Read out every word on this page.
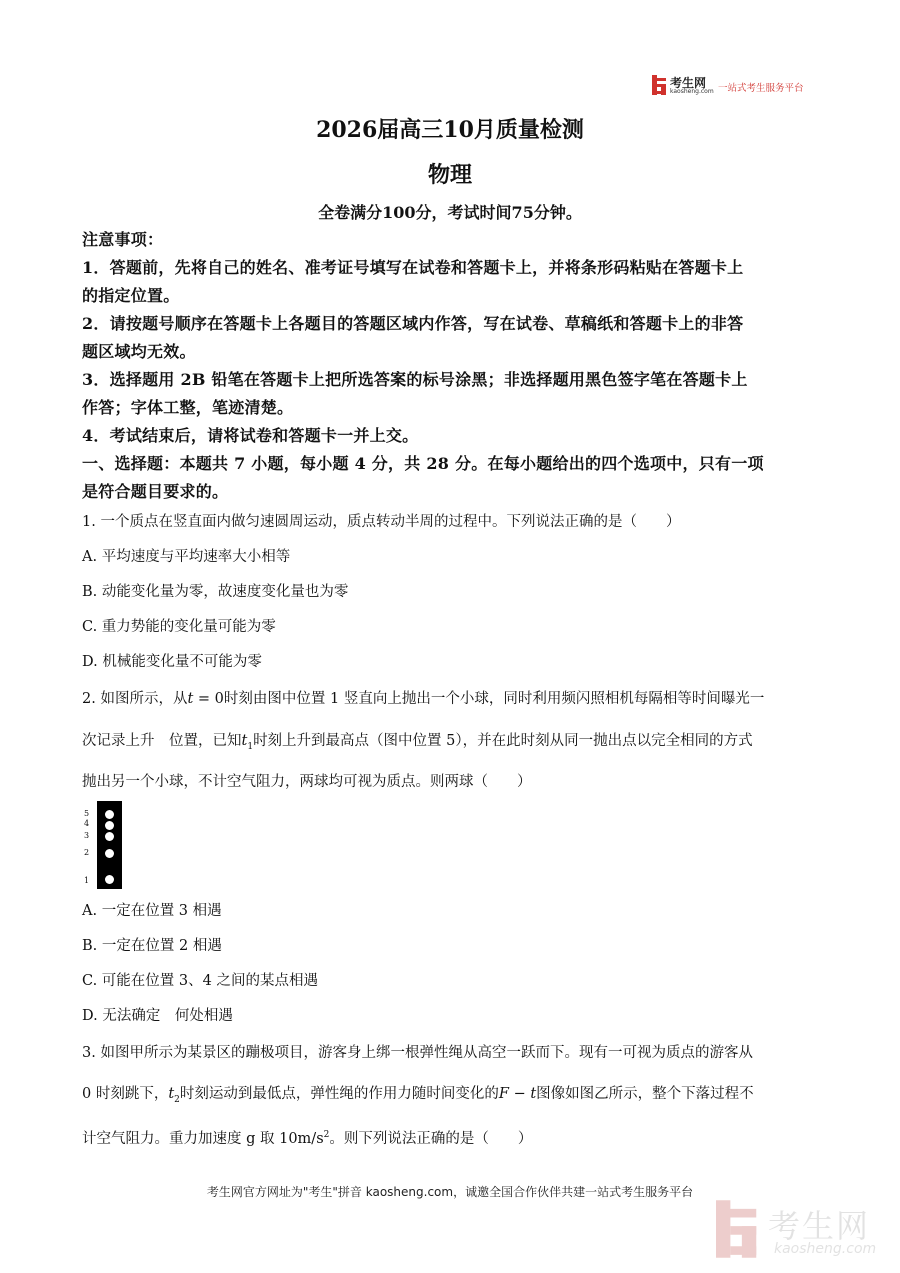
考生网
kaosheng.com 一站式考生服务平台
2026届高三10月质量检测
物理
全卷满分100分，考试时间75分钟。
注意事项：
1．答题前，先将自己的姓名、准考证号填写在试卷和答题卡上，并将条形码粘贴在答题卡上
的指定位置。
2．请按题号顺序在答题卡上各题目的答题区域内作答，写在试卷、草稿纸和答题卡上的非答
题区域均无效。
3．选择题用 2B 铅笔在答题卡上把所选答案的标号涂黑；非选择题用黑色签字笔在答题卡上
作答；字体工整，笔迹清楚。
4．考试结束后，请将试卷和答题卡一并上交。
一、选择题：本题共 7 小题，每小题 4 分，共 28 分。在每小题给出的四个选项中，只有一项
是符合题目要求的。
1. 一个质点在竖直面内做匀速圆周运动，质点转动半周的过程中。下列说法正确的是（　　）
A. 平均速度与平均速率大小相等
B. 动能变化量为零，故速度变化量也为零
C. 重力势能的变化量可能为零
D. 机械能变化量不可能为零
2. 如图所示，从t = 0时刻由图中位置 1 竖直向上抛出一个小球，同时利用频闪照相机每隔相等时间曝光一
次记录上升　位置，已知$t_1$时刻上升到最高点（图中位置 5），并在此时刻从同一抛出点以完全相同的方式
抛出另一个小球，不计空气阻力，两球均可视为质点。则两球（　　）
5
4
3
2
1
A. 一定在位置 3 相遇
B. 一定在位置 2 相遇
C. 可能在位置 3、4 之间的某点相遇
D. 无法确定　何处相遇
3. 如图甲所示为某景区的蹦极项目，游客身上绑一根弹性绳从高空一跃而下。现有一可视为质点的游客从
0 时刻跳下，$t_2$时刻运动到最低点，弹性绳的作用力随时间变化的F − t图像如图乙所示，整个下落过程不
计空气阻力。重力加速度 g 取 $10m/s^2$。则下列说法正确的是（　　）
考生网官方网址为"考生"拼音 kaosheng.com，诚邀全国合作伙伴共建一站式考生服务平台
考生网
kaosheng.com
